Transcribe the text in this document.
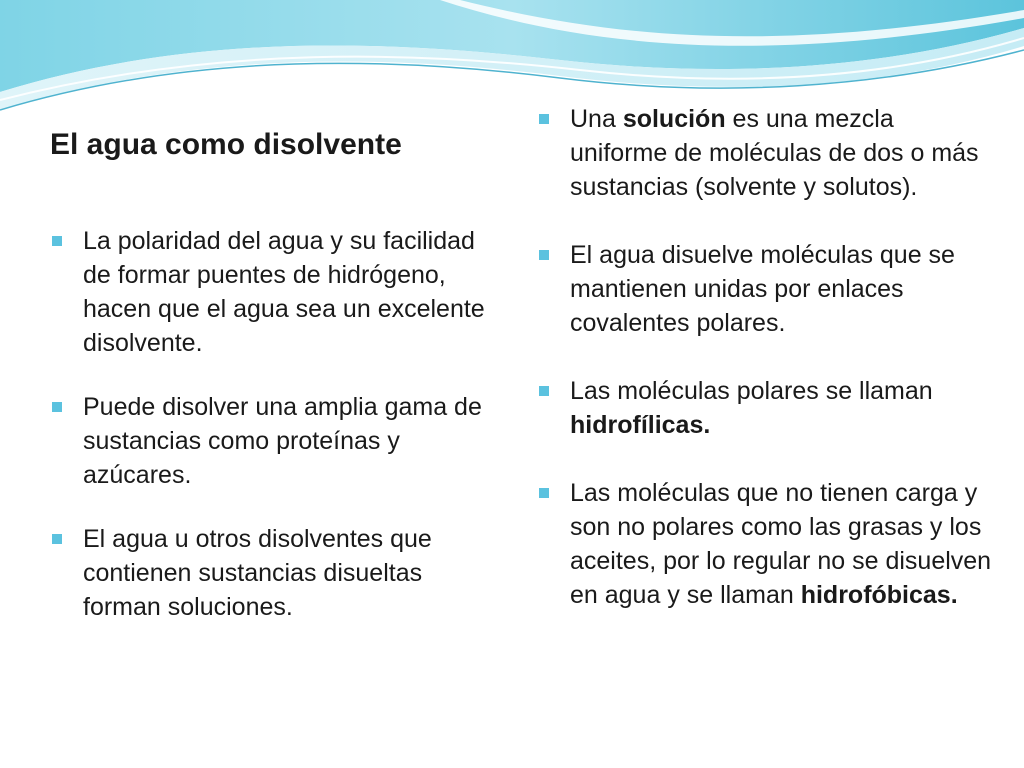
El agua como disolvente
La polaridad del agua y su facilidad de formar puentes de hidrógeno, hacen que el agua sea un excelente disolvente.
Puede disolver una amplia gama de sustancias como proteínas y azúcares.
El agua u otros disolventes que contienen sustancias disueltas forman soluciones.
Una solución es una mezcla uniforme de moléculas de dos o más sustancias (solvente y solutos).
El agua disuelve moléculas que se mantienen unidas por enlaces covalentes polares.
Las moléculas polares se llaman hidrofílicas.
Las moléculas que no tienen carga y son no polares como las grasas y los aceites, por lo regular no se disuelven en agua y se llaman hidrofóbicas.
